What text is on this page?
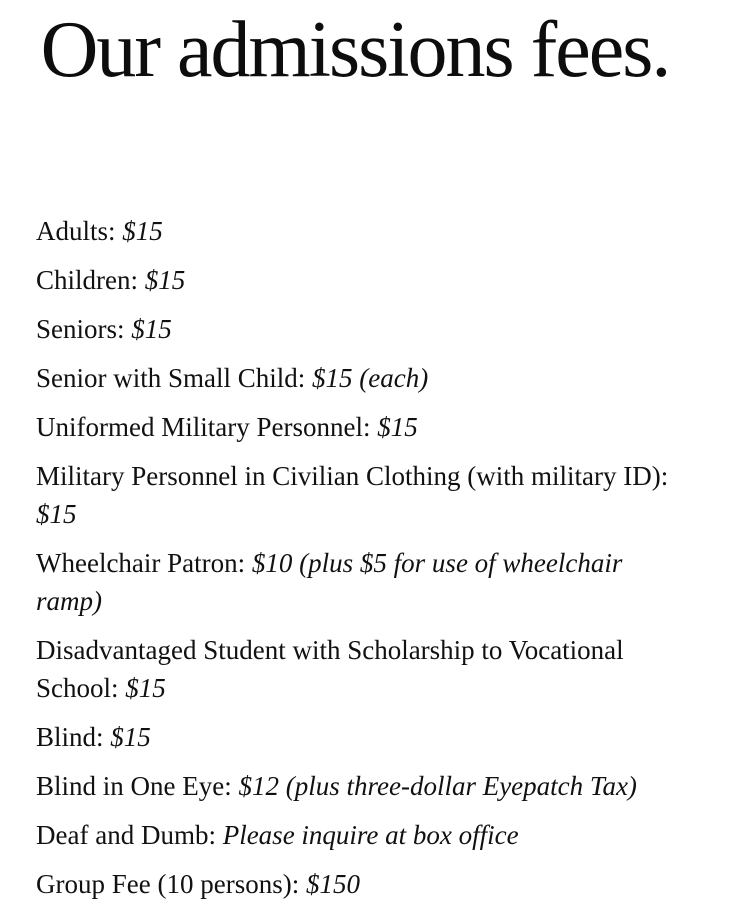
Our admissions fees.
Adults: $15
Children: $15
Seniors: $15
Senior with Small Child: $15 (each)
Uniformed Military Personnel: $15
Military Personnel in Civilian Clothing (with military ID): $15
Wheelchair Patron: $10 (plus $5 for use of wheelchair ramp)
Disadvantaged Student with Scholarship to Vocational School: $15
Blind: $15
Blind in One Eye: $12 (plus three-dollar Eyepatch Tax)
Deaf and Dumb: Please inquire at box office
Group Fee (10 persons): $150
